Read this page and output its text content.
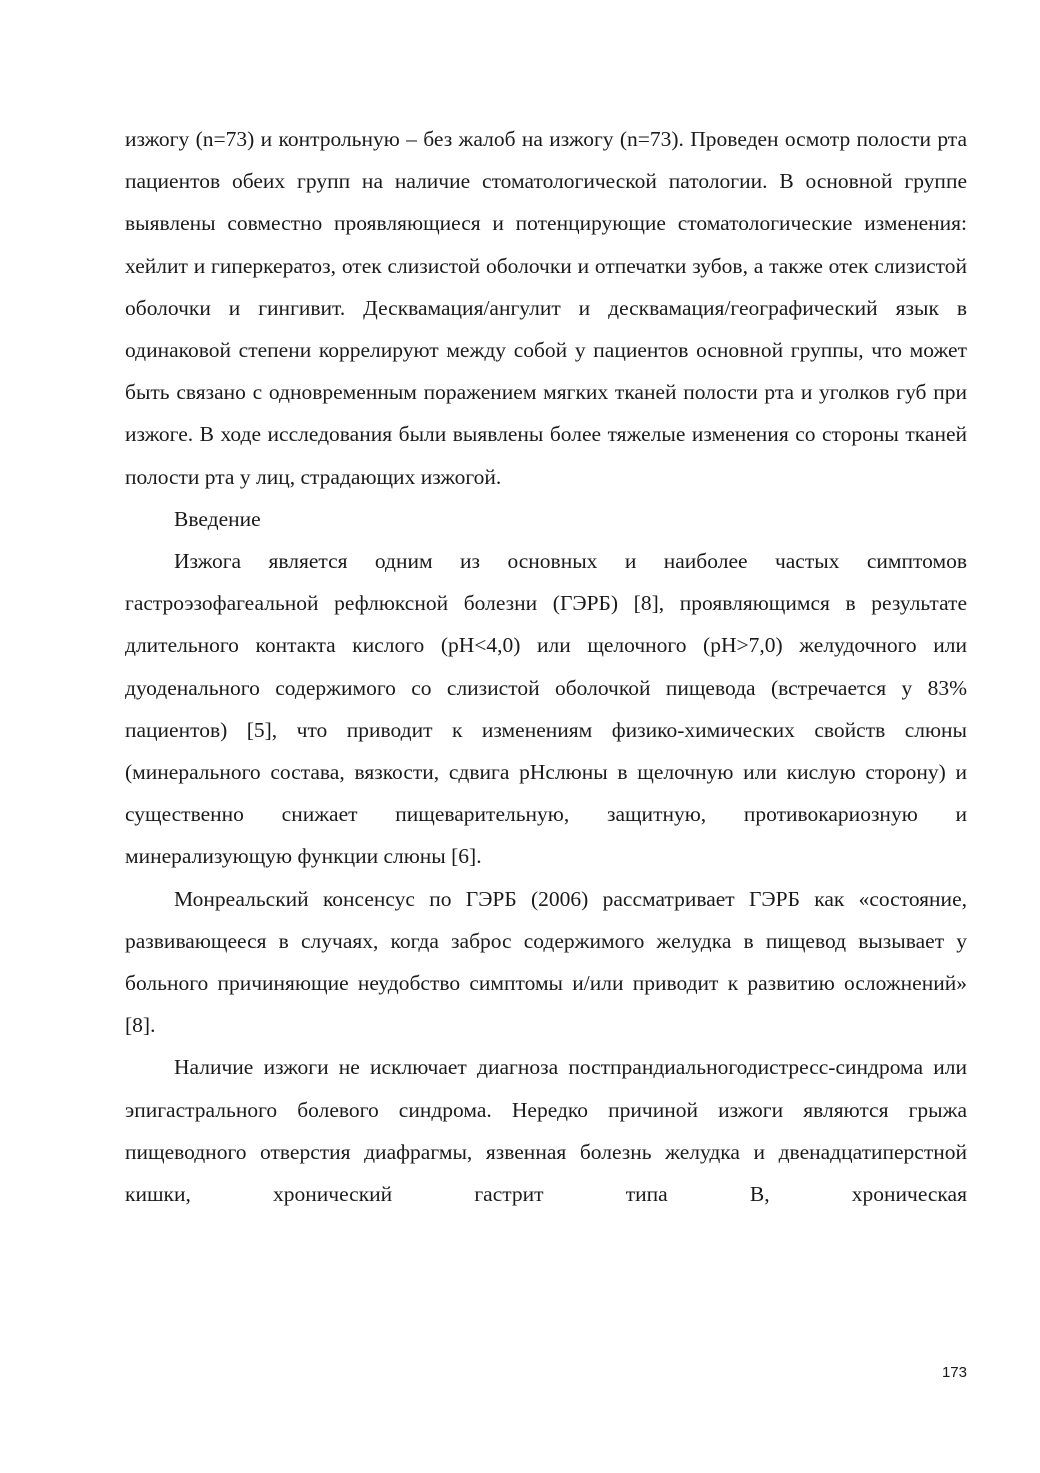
изжогу (n=73) и контрольную – без жалоб на изжогу (n=73). Проведен осмотр полости рта пациентов обеих групп на наличие стоматологической патологии. В основной группе выявлены совместно проявляющиеся и потенцирующие стоматологические изменения: хейлит и гиперкератоз, отек слизистой оболочки и отпечатки зубов, а также отек слизистой оболочки и гингивит. Десквамация/ангулит и десквамация/географический язык в одинаковой степени коррелируют между собой у пациентов основной группы, что может быть связано с одновременным поражением мягких тканей полости рта и уголков губ при изжоге. В ходе исследования были выявлены более тяжелые изменения со стороны тканей полости рта у лиц, страдающих изжогой.

Введение

Изжога является одним из основных и наиболее частых симптомов гастроэзофагеальной рефлюксной болезни (ГЭРБ) [8], проявляющимся в результате длительного контакта кислого (pH<4,0) или щелочного (pH>7,0) желудочного или дуоденального содержимого со слизистой оболочкой пищевода (встречается у 83% пациентов) [5], что приводит к изменениям физико-химических свойств слюны (минерального состава, вязкости, сдвига pHслюны в щелочную или кислую сторону) и существенно снижает пищеварительную, защитную, противокариозную и минерализующую функции слюны [6].

Монреальский консенсус по ГЭРБ (2006) рассматривает ГЭРБ как «состояние, развивающееся в случаях, когда заброс содержимого желудка в пищевод вызывает у больного причиняющие неудобство симптомы и/или приводит к развитию осложнений» [8].

Наличие изжоги не исключает диагноза постпрандиальногодистресс-синдрома или эпигастрального болевого синдрома. Нередко причиной изжоги являются грыжа пищеводного отверстия диафрагмы, язвенная болезнь желудка и двенадцатиперстной кишки, хронический гастрит типа В, хроническая

173
